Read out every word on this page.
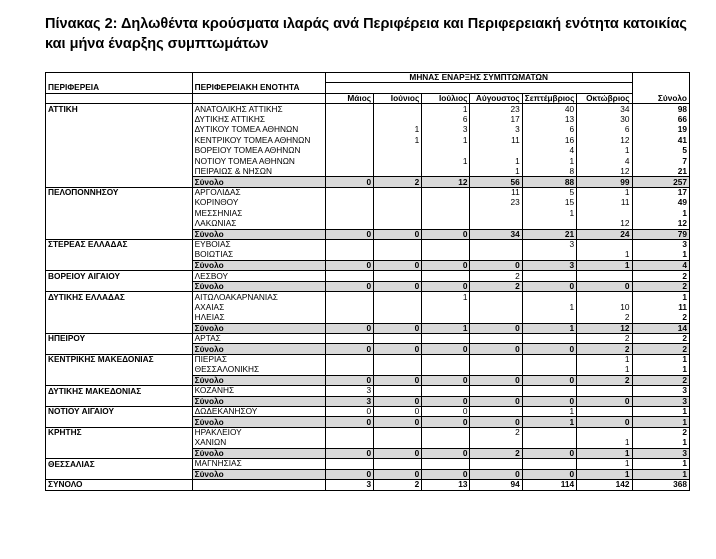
Πίνακας 2: Δηλωθέντα κρούσματα ιλαράς ανά Περιφέρεια και Περιφερειακή ενότητα κατοικίας και μήνα έναρξης συμπτωμάτων
		ΜΗΝΑΣ ΕΝΑΡΞΗΣ ΣΥΜΠΤΩΜΑΤΩΝ						
ΠΕΡΙΦΕΡΕΙΑ	ΠΕΡΙΦΕΡΕΙΑΚΗ ΕΝΟΤΗΤΑ							
		Μάιος	Ιούνιος	Ιούλιος	Αύγουστος	Σεπτέμβριος	Οκτώβριος	Σύνολο
ΑΤΤΙΚΗ	ΑΝΑΤΟΛΙΚΗΣ ΑΤΤΙΚΗΣ			1	23	40	34	98
	ΔΥΤΙΚΗΣ ΑΤΤΙΚΗΣ			6	17	13	30	66
	ΔΥΤΙΚΟΥ ΤΟΜΕΑ ΑΘΗΝΩΝ		1	3	3	6	6	19
	ΚΕΝΤΡΙΚΟΥ ΤΟΜΕΑ ΑΘΗΝΩΝ		1	1	11	16	12	41
	ΒΟΡΕΙΟΥ ΤΟΜΕΑ ΑΘΗΝΩΝ					4	1	5
	ΝΟΤΙΟΥ ΤΟΜΕΑ ΑΘΗΝΩΝ			1	1	1	4	7
	ΠΕΙΡΑΙΩΣ & ΝΗΣΩΝ				1	8	12	21
	Σύνολο	0	2	12	56	88	99	257
ΠΕΛΟΠΟΝΝΗΣΟΥ	ΑΡΓΟΛΙΔΑΣ				11	5	1	17
	ΚΟΡΙΝΘΟΥ				23	15	11	49
	ΜΕΣΣΗΝΙΑΣ					1		1
	ΛΑΚΩΝΙΑΣ						12	12
	Σύνολο	0	0	0	34	21	24	79
ΣΤΕΡΕΑΣ ΕΛΛΑΔΑΣ	ΕΥΒΟΙΑΣ					3		3
	ΒΟΙΩΤΙΑΣ						1	1
	Σύνολο	0	0	0	0	3	1	4
ΒΟΡΕΙΟΥ ΑΙΓΑΙΟΥ	ΛΕΣΒΟΥ				2			2
	Σύνολο	0	0	0	2	0	0	2
ΔΥΤΙΚΗΣ ΕΛΛΑΔΑΣ	ΑΙΤΩΛΟΑΚΑΡΝΑΝΙΑΣ			1				1
	ΑΧΑΙΑΣ					1	10	11
	ΗΛΕΙΑΣ						2	2
	Σύνολο	0	0	1	0	1	12	14
ΗΠΕΙΡΟΥ	ΑΡΤΑΣ						2	2
	Σύνολο	0	0	0	0	0	2	2
ΚΕΝΤΡΙΚΗΣ ΜΑΚΕΔΟΝΙΑΣ	ΠΙΕΡΙΑΣ						1	1
	ΘΕΣΣΑΛΟΝΙΚΗΣ						1	1
	Σύνολο	0	0	0	0	0	2	2
ΔΥΤΙΚΗΣ ΜΑΚΕΔΟΝΙΑΣ	ΚΟΖΑΝΗΣ	3						3
	Σύνολο	3	0	0	0	0	0	3
ΝΟΤΙΟΥ ΑΙΓΑΙΟΥ	ΔΩΔΕΚΑΝΗΣΟΥ	0	0	0		1		1
	Σύνολο	0	0	0	0	1	0	1
ΚΡΗΤΗΣ	ΗΡΑΚΛΕΙΟΥ				2			2
	ΧΑΝΙΩΝ						1	1
	Σύνολο	0	0	0	2	0	1	3
ΘΕΣΣΑΛΙΑΣ	ΜΑΓΝΗΣΙΑΣ						1	1
	Σύνολο	0	0	0	0	0	1	1
ΣΥΝΟΛΟ		3	2	13	94	114	142	368
